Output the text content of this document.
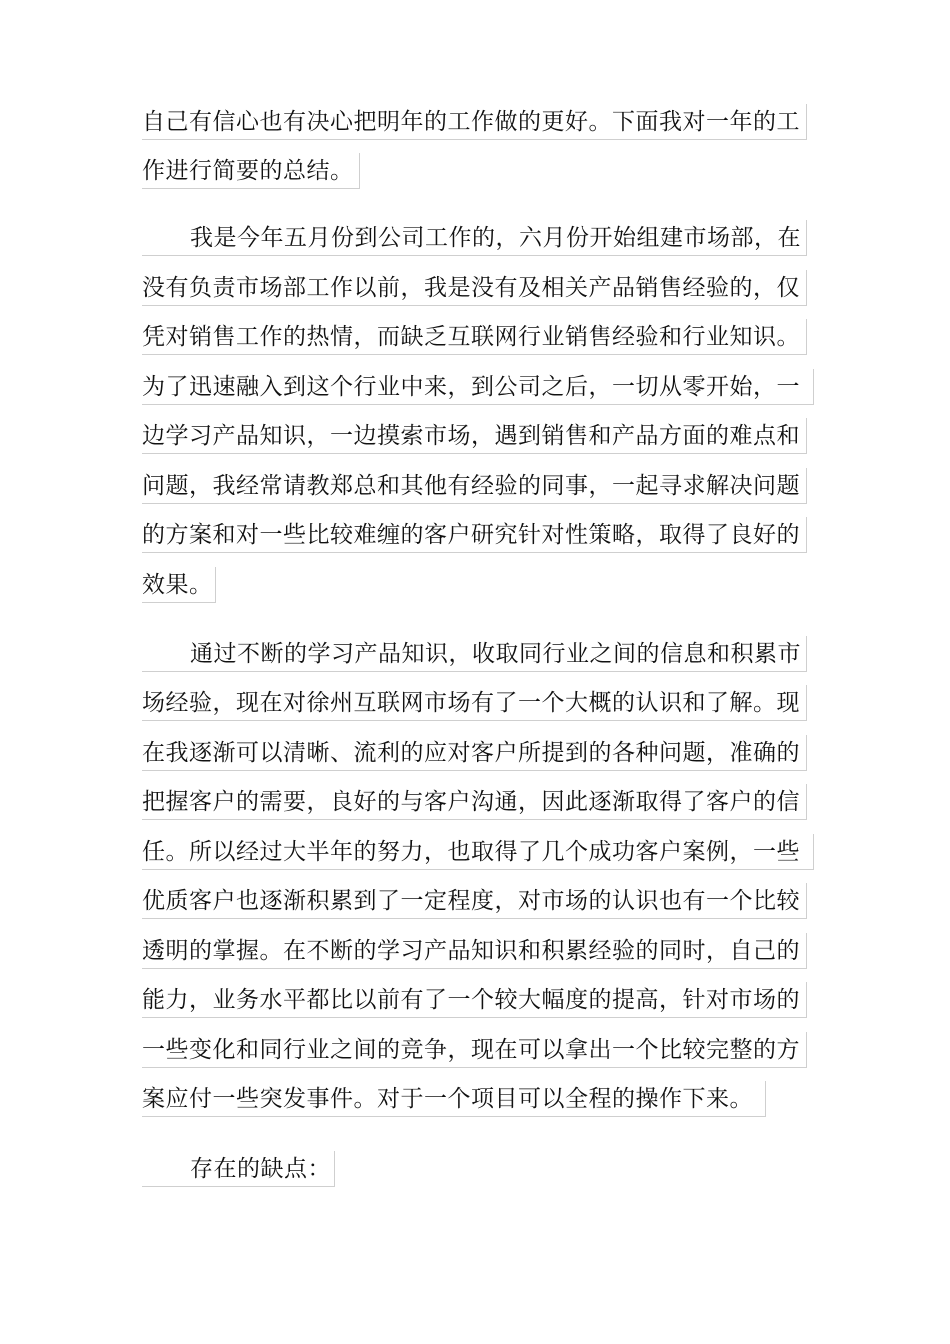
自己有信心也有决心把明年的工作做的更好。下面我对一年的工
作进行简要的总结。
我是今年五月份到公司工作的，六月份开始组建市场部，在
没有负责市场部工作以前，我是没有及相关产品销售经验的，仅
凭对销售工作的热情，而缺乏互联网行业销售经验和行业知识。
为了迅速融入到这个行业中来，到公司之后，一切从零开始，一
边学习产品知识，一边摸索市场，遇到销售和产品方面的难点和
问题，我经常请教郑总和其他有经验的同事，一起寻求解决问题
的方案和对一些比较难缠的客户研究针对性策略，取得了良好的
效果。
通过不断的学习产品知识，收取同行业之间的信息和积累市
场经验，现在对徐州互联网市场有了一个大概的认识和了解。现
在我逐渐可以清晰、流利的应对客户所提到的各种问题，准确的
把握客户的需要，良好的与客户沟通，因此逐渐取得了客户的信
任。所以经过大半年的努力，也取得了几个成功客户案例，一些
优质客户也逐渐积累到了一定程度，对市场的认识也有一个比较
透明的掌握。在不断的学习产品知识和积累经验的同时，自己的
能力，业务水平都比以前有了一个较大幅度的提高，针对市场的
一些变化和同行业之间的竞争，现在可以拿出一个比较完整的方
案应付一些突发事件。对于一个项目可以全程的操作下来。
存在的缺点：
